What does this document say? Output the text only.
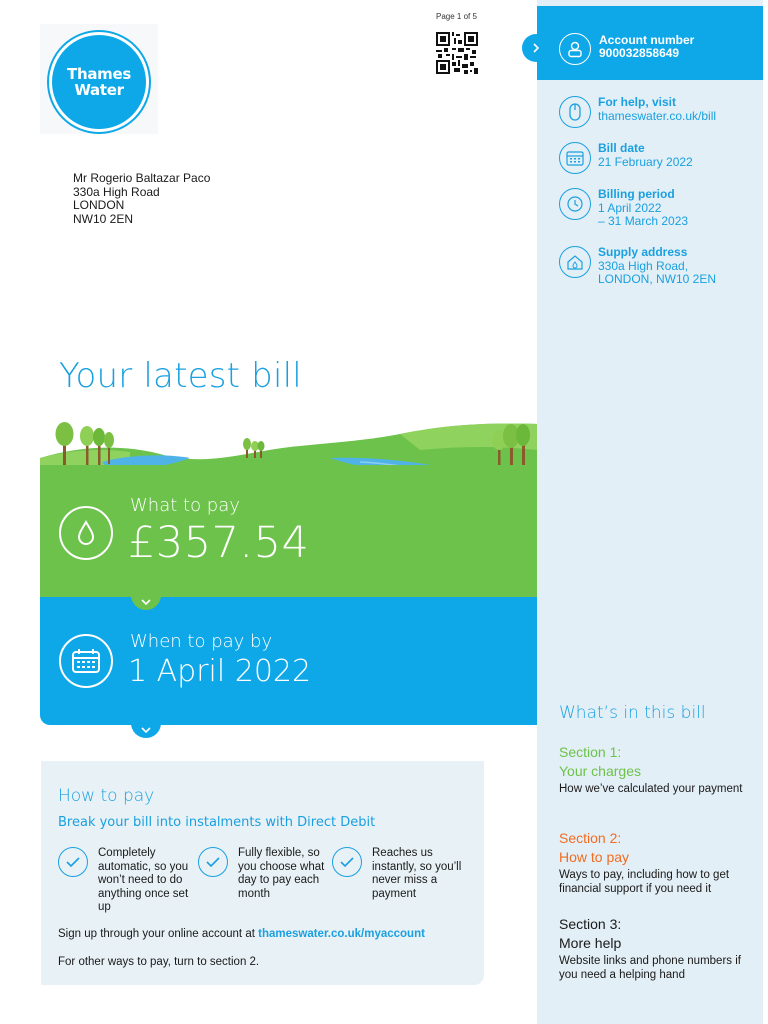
Thames
Water
Page 1 of 5
Mr Rogerio Baltazar Paco
330a High Road
LONDON
NW10 2EN
Your latest bill
What to pay
£357.54
When to pay by
1 April 2022
How to pay
Break your bill into instalments with Direct Debit
Completely automatic, so you won’t need to do anything once set up
Fully flexible, so you choose what day to pay each month
Reaches us instantly, so you’ll never miss a payment
Sign up through your online account at thameswater.co.uk/myaccount
For other ways to pay, turn to section 2.
Account number
900032858649
For help, visit
thameswater.co.uk/bill
Bill date
21 February 2022
Billing period
1 April 2022
– 31 March 2023
Supply address
330a High Road,
LONDON, NW10 2EN
What’s in this bill
Section 1:
Your charges
How we’ve calculated your payment
Section 2:
How to pay
Ways to pay, including how to get financial support if you need it
Section 3:
More help
Website links and phone numbers if you need a helping hand
